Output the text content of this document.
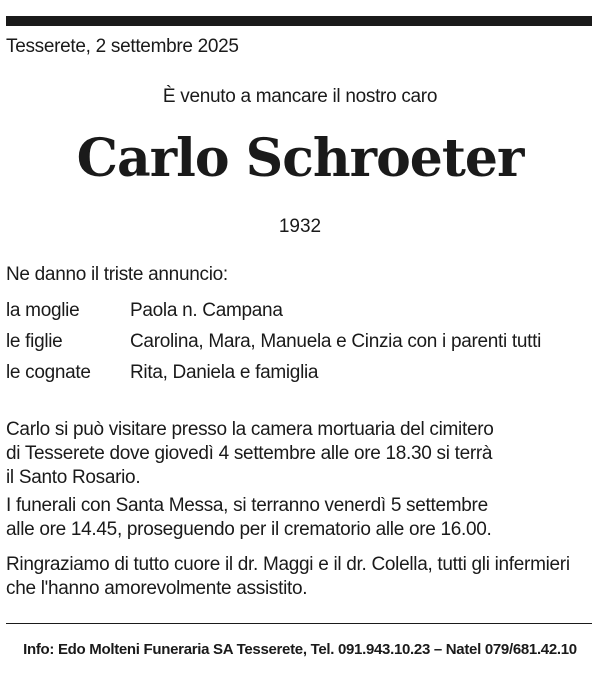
Tesserete, 2 settembre 2025
È venuto a mancare il nostro caro
Carlo Schroeter
1932
Ne danno il triste annuncio:
la moglie	Paola n. Campana
le figlie	Carolina, Mara, Manuela e Cinzia con i parenti tutti
le cognate	Rita, Daniela e famiglia
Carlo si può visitare presso la camera mortuaria del cimitero
di Tesserete dove giovedì 4 settembre alle ore 18.30 si terrà
il Santo Rosario.
I funerali con Santa Messa, si terranno venerdì 5 settembre
alle ore 14.45, proseguendo per il crematorio alle ore 16.00.
Ringraziamo di tutto cuore il dr. Maggi e il dr. Colella, tutti gli infermieri
che l'hanno amorevolmente assistito.
Info: Edo Molteni Funeraria SA Tesserete, Tel. 091.943.10.23 – Natel 079/681.42.10
